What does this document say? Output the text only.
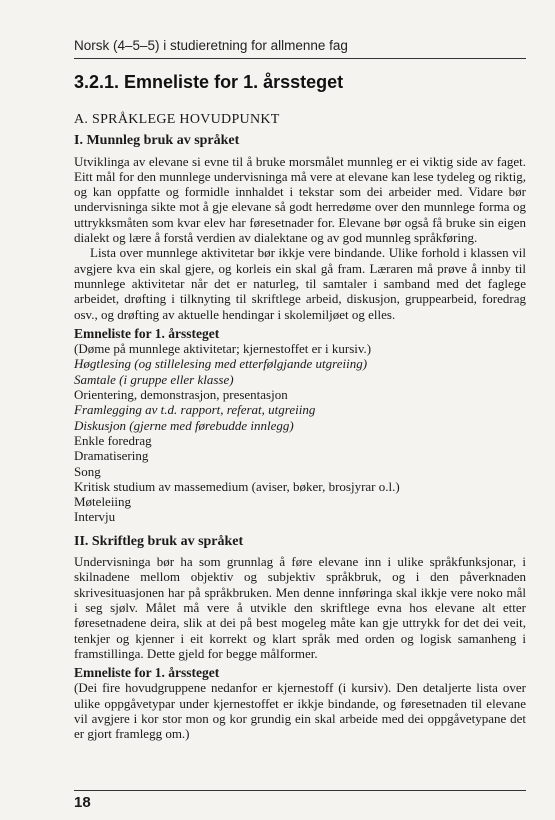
Norsk (4–5–5) i studieretning for allmenne fag
3.2.1. Emneliste for 1. årssteget
A. SPRÅKLEGE HOVUDPUNKT
I. Munnleg bruk av språket

Utviklinga av elevane si evne til å bruke morsmålet munnleg er ei viktig side av faget. Eitt mål for den munnlege undervisninga må vere at elevane kan lese tydeleg og riktig, og kan oppfatte og formidle innhaldet i tekstar som dei arbeider med. Vidare bør undervisninga sikte mot å gje elevane så godt herredømе over den munnlege forma og uttrykksmåten som kvar elev har føresetnader for. Elevane bør også få bruke sin eigen dialekt og lære å forstå verdien av dialektane og av god munnleg språkføring.

Lista over munnlege aktivitetar bør ikkje vere bindande. Ulike forhold i klassen vil avgjere kva ein skal gjere, og korleis ein skal gå fram. Læraren må prøve å innby til munnlege aktivitetar når det er naturleg, til samtaler i samband med det faglege arbeidet, drøfting i tilknyting til skriftlege arbeid, diskusjon, gruppearbeid, foredrag osv., og drøfting av aktuelle hendingar i skolemiljøet og elles.

Emneliste for 1. årssteget
(Døme på munnlege aktivitetar; kjernestoffet er i kursiv.)
Høgtlesing (og stillelesing med etterfølgjande utgreiing)
Samtale (i gruppe eller klasse)
Orientering, demonstrasjon, presentasjon
Framlegging av t.d. rapport, referat, utgreiing
Diskusjon (gjerne med førebudde innlegg)
Enkle foredrag
Dramatisering
Song
Kritisk studium av massemedium (aviser, bøker, brosjyrar o.l.)
Møteleiing
Intervju
II. Skriftleg bruk av språket

Undervisninga bør ha som grunnlag å føre elevane inn i ulike språkfunksjonar, i skilnadene mellom objektiv og subjektiv språkbruk, og i den påverknaden skrivesituasjonen har på språkbruken. Men denne innføringa skal ikkje vere noko mål i seg sjølv. Målet må vere å utvikle den skriftlege evna hos elevane alt etter føresetnadene deira, slik at dei på best mogeleg måte kan gje uttrykk for det dei veit, tenkjer og kjenner i eit korrekt og klart språk med orden og logisk samanheng i framstillinga. Dette gjeld for begge målformer.

Emneliste for 1. årssteget

(Dei fire hovudgruppene nedanfor er kjernestoff (i kursiv). Den detaljerte lista over ulike oppgåvetypar under kjernestoffet er ikkje bindande, og føresetnaden til elevane vil avgjere i kor stor mon og kor grundig ein skal arbeide med dei oppgåvetypane det er gjort framlegg om.)

18
